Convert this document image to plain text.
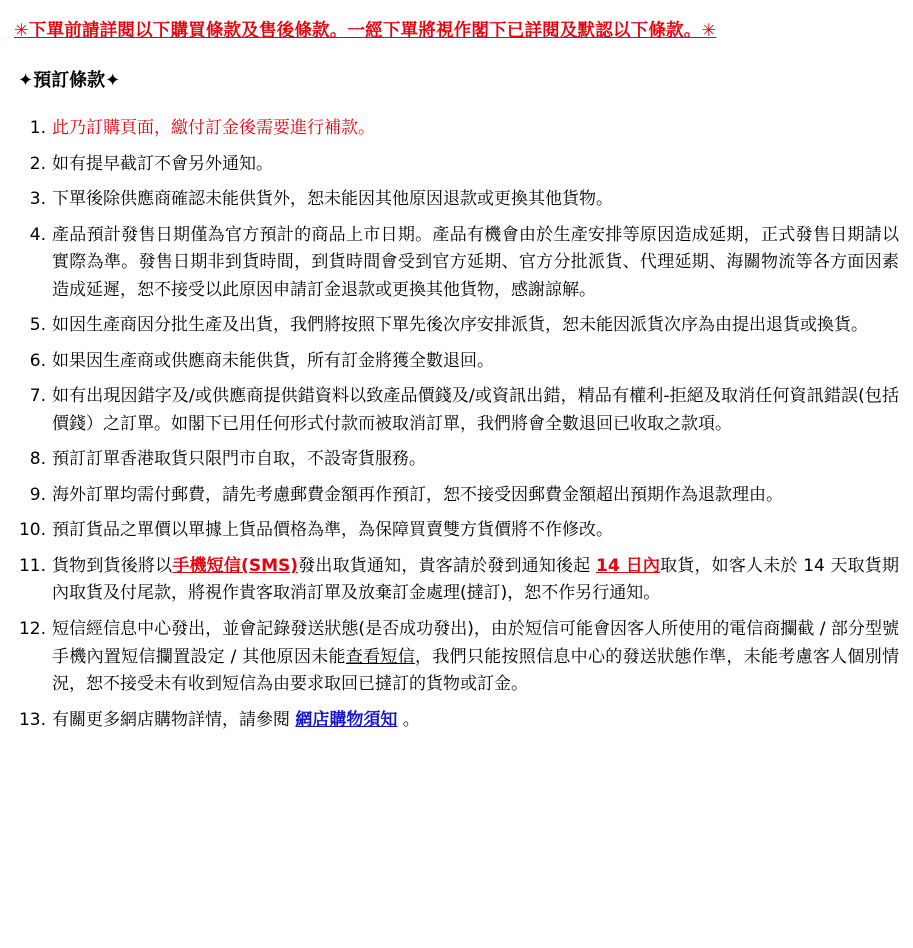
✳下單前請詳閱以下購買條款及售後條款。一經下單將視作閣下已詳閱及默認以下條款。✳
✦預訂條款✦
1. 此乃訂購頁面，繳付訂金後需要進行補款。
2. 如有提早截訂不會另外通知。
3. 下單後除供應商確認未能供貨外，恕未能因其他原因退款或更換其他貨物。
4. 產品預計發售日期僅為官方預計的商品上市日期。產品有機會由於生產安排等原因造成延期，正式發售日期請以實際為準。發售日期非到貨時間，到貨時間會受到官方延期、官方分批派貨、代理延期、海關物流等各方面因素造成延遲，恕不接受以此原因申請訂金退款或更換其他貨物，感謝諒解。
5. 如因生產商因分批生產及出貨，我們將按照下單先後次序安排派貨，恕未能因派貨次序為由提出退貨或換貨。
6. 如果因生產商或供應商未能供貨，所有訂金將獲全數退回。
7. 如有出現因錯字及/或供應商提供錯資料以致產品價錢及/或資訊出錯，精品有權利-拒絕及取消任何資訊錯誤(包括價錢）之訂單。如閣下已用任何形式付款而被取消訂單，我們將會全數退回已收取之款項。
8. 預訂訂單香港取貨只限門市自取，不設寄貨服務。
9. 海外訂單均需付郵費，請先考慮郵費金額再作預訂，恕不接受因郵費金額超出預期作為退款理由。
10. 預訂貨品之單價以單據上貨品價格為準，為保障買賣雙方貨價將不作修改。
11. 貨物到貨後將以手機短信(SMS)發出取貨通知，貴客請於發到通知後起 14 日內取貨，如客人未於 14 天取貨期內取貨及付尾款，將視作貴客取消訂單及放棄訂金處理(撻訂)，恕不作另行通知。
12. 短信經信息中心發出，並會記錄發送狀態(是否成功發出)，由於短信可能會因客人所使用的電信商攔截 / 部分型號手機內置短信攔置設定 / 其他原因未能查看短信，我們只能按照信息中心的發送狀態作準，未能考慮客人個別情況，恕不接受未有收到短信為由要求取回已撻訂的貨物或訂金。
13. 有關更多網店購物詳情，請參閱 網店購物須知 。
